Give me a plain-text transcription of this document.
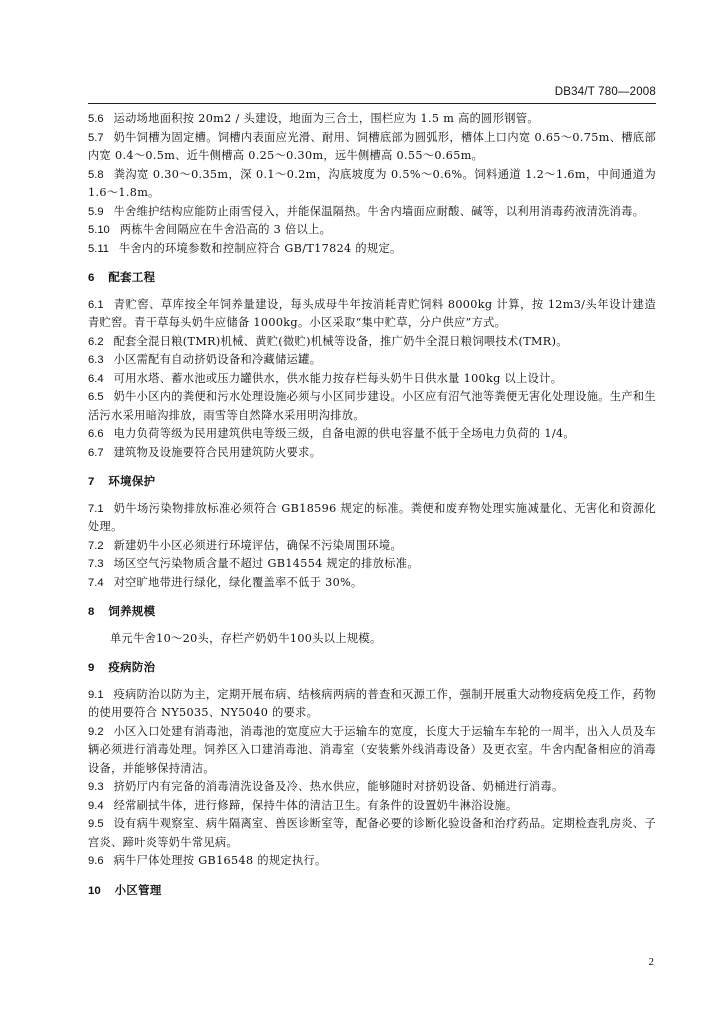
DB34/T 780—2008

5.6 运动场地面积按 20m2 / 头建设，地面为三合土，围栏应为 1.5 m 高的圆形钢管。

5.7 奶牛饲槽为固定槽。饲槽内表面应光滑、耐用、饲槽底部为圆弧形，槽体上口内宽 0.65～0.75m、槽底部内宽 0.4～0.5m、近牛侧槽高 0.25～0.30m，远牛侧槽高 0.55～0.65m。

5.8 粪沟宽 0.30～0.35m，深 0.1～0.2m，沟底坡度为 0.5%～0.6%。饲料通道 1.2～1.6m，中间通道为 1.6～1.8m。

5.9 牛舍维护结构应能防止雨雪侵入，并能保温隔热。牛舍内墙面应耐酸、碱等，以利用消毒药液清洗消毒。

5.10 两栋牛舍间隔应在牛舍沿高的 3 倍以上。

5.11 牛舍内的环境参数和控制应符合 GB/T17824 的规定。

6 配套工程

6.1 青贮窖、草库按全年饲养量建设，每头成母牛年按消耗青贮饲料 8000kg 计算，按 12m3/头年设计建造青贮窖。青干草每头奶牛应储备 1000kg。小区采取“集中贮草，分户供应”方式。

6.2 配套全混日粮(TMR)机械、黄贮(微贮)机械等设备，推广奶牛全混日粮饲喂技术(TMR)。

6.3 小区需配有自动挤奶设备和冷藏储运罐。

6.4 可用水塔、蓄水池或压力罐供水，供水能力按存栏每头奶牛日供水量 100kg 以上设计。

6.5 奶牛小区内的粪便和污水处理设施必须与小区同步建设。小区应有沼气池等粪便无害化处理设施。生产和生活污水采用暗沟排放，雨雪等自然降水采用明沟排放。

6.6 电力负荷等级为民用建筑供电等级三级，自备电源的供电容量不低于全场电力负荷的 1/4。

6.7 建筑物及设施要符合民用建筑防火要求。

7 环境保护

7.1 奶牛场污染物排放标准必须符合 GB18596 规定的标准。粪便和废弃物处理实施减量化、无害化和资源化处理。

7.2 新建奶牛小区必须进行环境评估，确保不污染周围环境。

7.3 场区空气污染物质含量不超过 GB14554 规定的排放标准。

7.4 对空旷地带进行绿化，绿化覆盖率不低于 30%。

8 饲养规模

单元牛舍10～20头，存栏产奶奶牛100头以上规模。

9 疫病防治

9.1 疫病防治以防为主，定期开展布病、结核病两病的普查和灭源工作，强制开展重大动物疫病免疫工作，药物的使用要符合 NY5035、NY5040 的要求。

9.2 小区入口处建有消毒池，消毒池的宽度应大于运输车的宽度，长度大于运输车车轮的一周半，出入人员及车辆必须进行消毒处理。饲养区入口建消毒池、消毒室（安装紫外线消毒设备）及更衣室。牛舍内配备相应的消毒设备，并能够保持清洁。

9.3 挤奶厅内有完备的消毒清洗设备及冷、热水供应，能够随时对挤奶设备、奶桶进行消毒。

9.4 经常刷拭牛体，进行修蹄，保持牛体的清洁卫生。有条件的设置奶牛淋浴设施。

9.5 设有病牛观察室、病牛隔离室、兽医诊断室等，配备必要的诊断化验设备和治疗药品。定期检查乳房炎、子宫炎、蹄叶炎等奶牛常见病。

9.6 病牛尸体处理按 GB16548 的规定执行。

10 小区管理

2
